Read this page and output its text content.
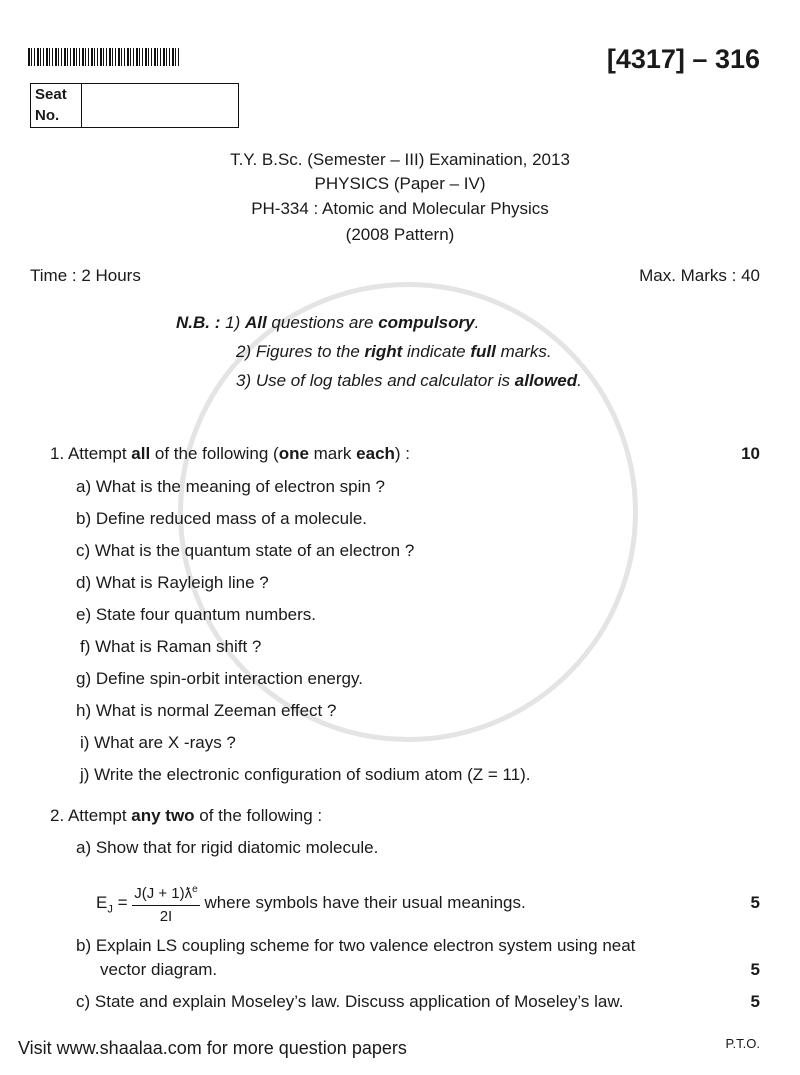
[4317] – 316
Seat
No.
T.Y. B.Sc. (Semester – III) Examination, 2013
PHYSICS (Paper – IV)
PH-334 : Atomic and Molecular Physics
(2008 Pattern)
Time : 2 Hours	Max. Marks : 40
N.B. : 1) All questions are compulsory.
2) Figures to the right indicate full marks.
3) Use of log tables and calculator is allowed.
1. Attempt all of the following (one mark each) :	10
a) What is the meaning of electron spin ?
b) Define reduced mass of a molecule.
c) What is the quantum state of an electron ?
d) What is Rayleigh line ?
e) State four quantum numbers.
f) What is Raman shift ?
g) Define spin-orbit interaction energy.
h) What is normal Zeeman effect ?
i) What are X -rays ?
j) Write the electronic configuration of sodium atom (Z = 11).
2. Attempt any two of the following :
a) Show that for rigid diatomic molecule.
$E_J = \frac{J(J + 1)ƛ^e}{2I}$ where symbols have their usual meanings.	5
b) Explain LS coupling scheme for two valence electron system using neat
vector diagram.	5
c) State and explain Moseley’s law. Discuss application of Moseley’s law.	5
Visit www.shaalaa.com for more question papers	P.T.O.
